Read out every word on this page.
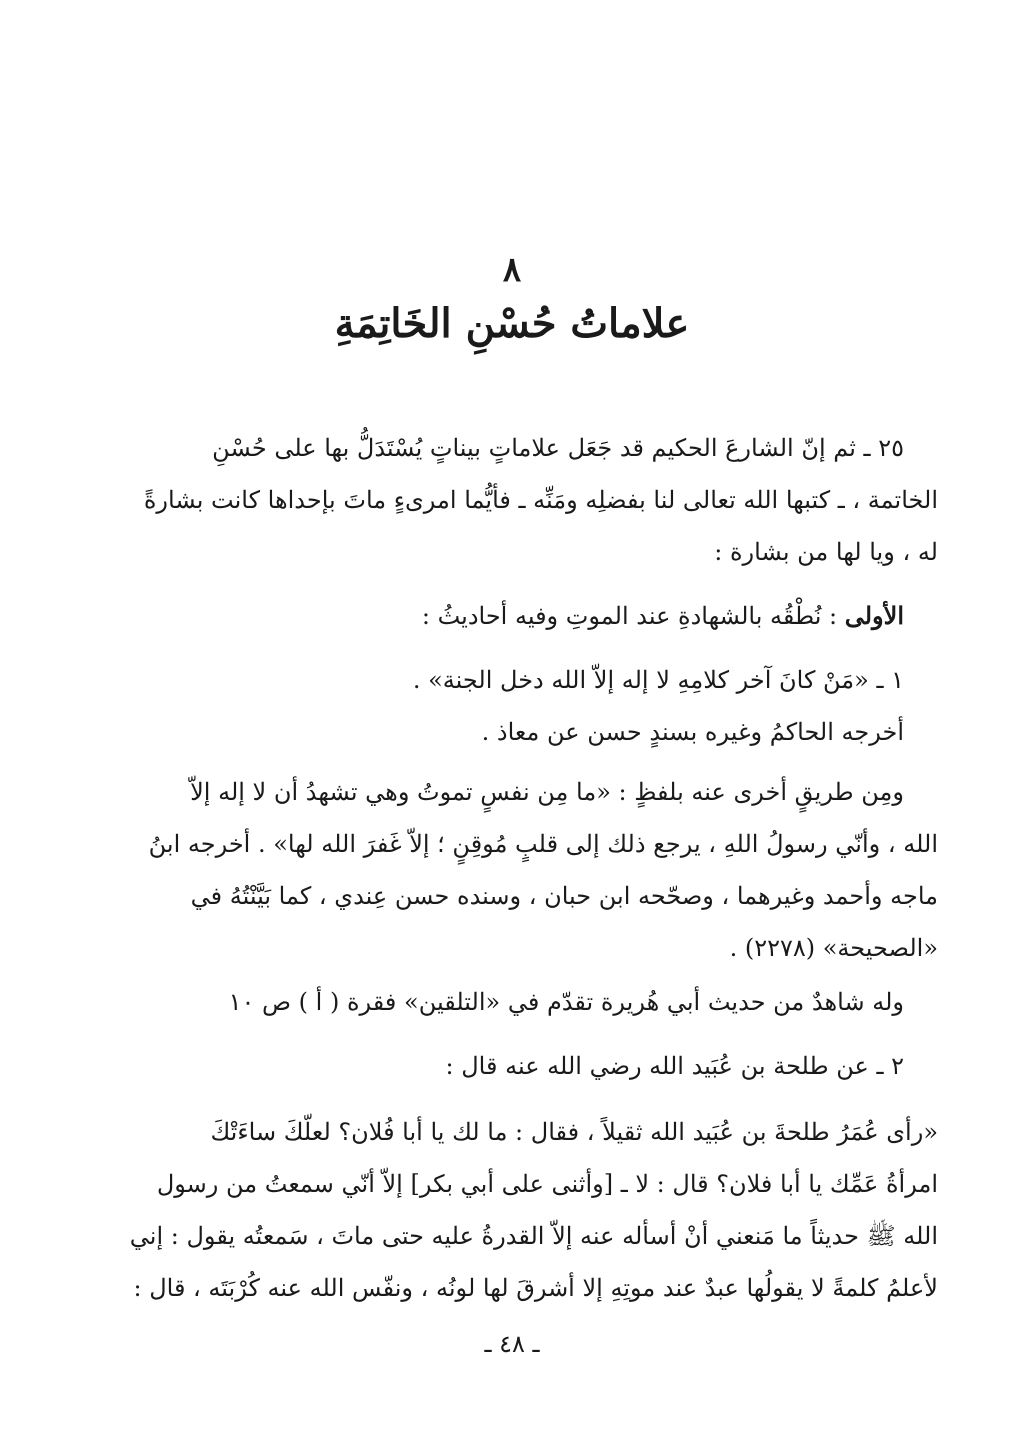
٨
علاماتُ حُسْنِ الخَاتِمَةِ
٢٥ ـ ثم إنّ الشارعَ الحكيم قد جَعَل علاماتٍ بيناتٍ يُسْتَدَلُّ بها على حُسْنِ
الخاتمة ، ـ كتبها الله تعالى لنا بفضلِه ومَنِّه ـ فأيُّما امرىءٍ ماتَ بإحداها كانت بشارةً
له ، ويا لها من بشارة :
الأولى : نُطْقُه بالشهادةِ عند الموتِ وفيه أحاديثُ :
١ ـ «مَنْ كانَ آخر كلامِهِ لا إله إلاّ الله دخل الجنة» .
أخرجه الحاكمُ وغيره بسندٍ حسن عن معاذ .
ومِن طريقٍ أخرى عنه بلفظٍ : «ما مِن نفسٍ تموتُ وهي تشهدُ أن لا إله إلاّ
الله ، وأنّي رسولُ اللهِ ، يرجع ذلك إلى قلبٍ مُوقِنٍ ؛ إلاّ غَفرَ الله لها» . أخرجه ابنُ
ماجه وأحمد وغيرهما ، وصحّحه ابن حبان ، وسنده حسن عِندي ، كما بَيَّنْتُهُ في
«الصحيحة» (٢٢٧٨) .
وله شاهدٌ من حديث أبي هُريرة تقدّم في «التلقين» فقرة ( أ ) ص ١٠
٢ ـ عن طلحة بن عُبَيد الله رضي الله عنه قال :
«رأى عُمَرُ طلحةَ بن عُبَيد الله ثقيلاً ، فقال : ما لك يا أبا فُلان؟ لعلّكَ ساءَتْكَ
امرأةُ عَمِّك يا أبا فلان؟ قال : لا ـ [وأثنى على أبي بكر] إلاّ أنّي سمعتُ من رسول
الله ﷺ حديثاً ما مَنعني أنْ أسأله عنه إلاّ القدرةُ عليه حتى ماتَ ، سَمعتُه يقول : إني
لأعلمُ كلمةً لا يقولُها عبدٌ عند موتِهِ إلا أشرقَ لها لونُه ، ونفّس الله عنه كُرْبَتَه ، قال :
ـ ٤٨ ـ
